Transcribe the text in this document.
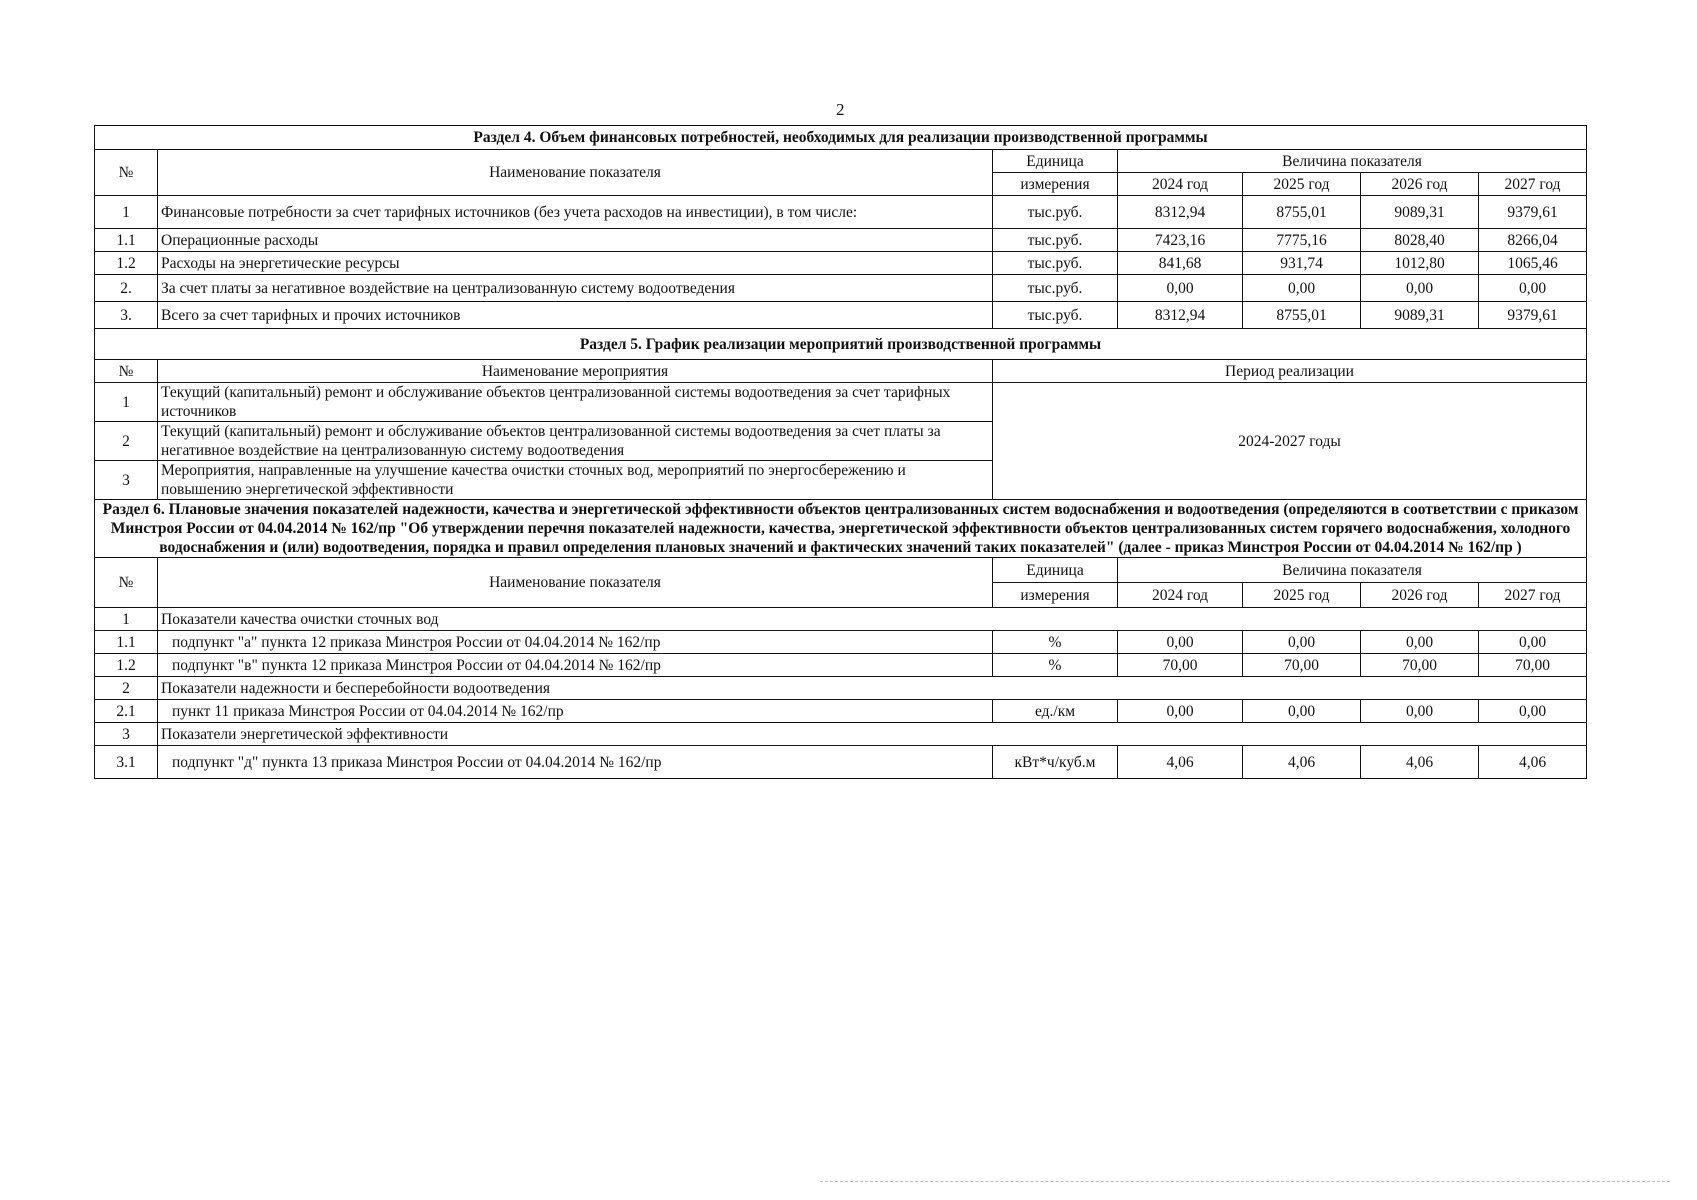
2
Раздел 4. Объем финансовых потребностей, необходимых для реализации производственной программы						
№	Наименование показателя	Единица	Величина показателя			
		измерения	2024 год	2025 год	2026 год	2027 год
1	Финансовые потребности за счет тарифных источников (без учета расходов на инвестиции), в том числе:	тыс.руб.	8312,94	8755,01	9089,31	9379,61
1.1	Операционные расходы	тыс.руб.	7423,16	7775,16	8028,40	8266,04
1.2	Расходы на энергетические ресурсы	тыс.руб.	841,68	931,74	1012,80	1065,46
2.	За счет платы за негативное воздействие на централизованную систему водоотведения	тыс.руб.	0,00	0,00	0,00	0,00
3.	Всего за счет тарифных и прочих источников	тыс.руб.	8312,94	8755,01	9089,31	9379,61
Раздел 5. График реализации мероприятий производственной программы						
№	Наименование мероприятия	Период реализации				
1	Текущий (капитальный) ремонт и обслуживание объектов централизованной системы водоотведения за счет тарифных источников	2024-2027 годы				
2	Текущий (капитальный) ремонт и обслуживание объектов централизованной системы водоотведения за счет платы за негативное воздействие на централизованную систему водоотведения					
3	Мероприятия, направленные на улучшение качества очистки сточных вод, мероприятий по энергосбережению и повышению энергетической эффективности					
Раздел 6. Плановые значения показателей надежности, качества и энергетической эффективности объектов централизованных систем водоснабжения и водоотведения (определяются в соответствии с приказом Минстроя России от 04.04.2014 № 162/пр "Об утверждении перечня показателей надежности, качества, энергетической эффективности объектов централизованных систем горячего водоснабжения, холодного водоснабжения и (или) водоотведения, порядка и правил определения плановых значений и фактических значений таких показателей" (далее - приказ Минстроя России от 04.04.2014 № 162/пр )						
№	Наименование показателя	Единица	Величина показателя			
		измерения	2024 год	2025 год	2026 год	2027 год
1	Показатели качества очистки сточных вод					
1.1	подпункт "а" пункта 12 приказа Минстроя России от 04.04.2014 № 162/пр	%	0,00	0,00	0,00	0,00
1.2	подпункт "в" пункта 12 приказа Минстроя России от 04.04.2014 № 162/пр	%	70,00	70,00	70,00	70,00
2	Показатели надежности и бесперебойности водоотведения					
2.1	пункт 11 приказа Минстроя России от 04.04.2014 № 162/пр	ед./км	0,00	0,00	0,00	0,00
3	Показатели энергетической эффективности					
3.1	подпункт "д" пункта 13 приказа Минстроя России от 04.04.2014 № 162/пр	кВт*ч/куб.м	4,06	4,06	4,06	4,06
